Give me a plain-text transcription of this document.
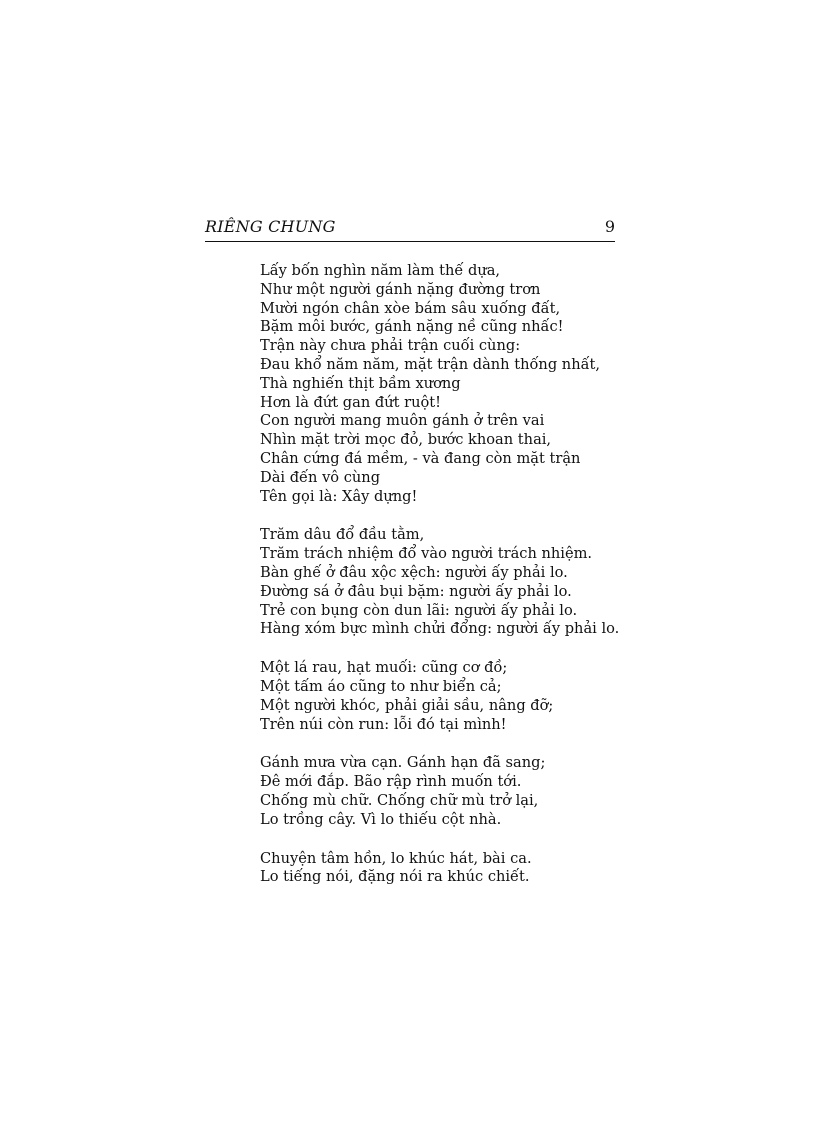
RIÊNG CHUNG	9
Lấy bốn nghìn năm làm thế dựa,
Như một người gánh nặng đường trơn
Mười ngón chân xòe bám sâu xuống đất,
Bặm môi bước, gánh nặng nề cũng nhấc!
Trận này chưa phải trận cuối cùng:
Đau khổ năm năm, mặt trận dành thống nhất,
Thà nghiến thịt bầm xương
Hơn là đứt gan đứt ruột!
Con người mang muôn gánh ở trên vai
Nhìn mặt trời mọc đỏ, bước khoan thai,
Chân cứng đá mềm, - và đang còn mặt trận
Dài đến vô cùng
Tên gọi là: Xây dựng!
Trăm dâu đổ đầu tằm,
Trăm trách nhiệm đổ vào người trách nhiệm.
Bàn ghế ở đâu xộc xệch: người ấy phải lo.
Đường sá ở đâu bụi bặm: người ấy phải lo.
Trẻ con bụng còn dun lãi: người ấy phải lo.
Hàng xóm bực mình chửi đổng: người ấy phải lo.
Một lá rau, hạt muối: cũng cơ đồ;
Một tấm áo cũng to như biển cả;
Một người khóc, phải giải sầu, nâng đỡ;
Trên núi còn run: lỗi đó tại mình!
Gánh mưa vừa cạn. Gánh hạn đã sang;
Đê mới đắp. Bão rập rình muốn tới.
Chống mù chữ. Chống chữ mù trở lại,
Lo trồng cây. Vì lo thiếu cột nhà.
Chuyện tâm hồn, lo khúc hát, bài ca.
Lo tiếng nói, đặng nói ra khúc chiết.
